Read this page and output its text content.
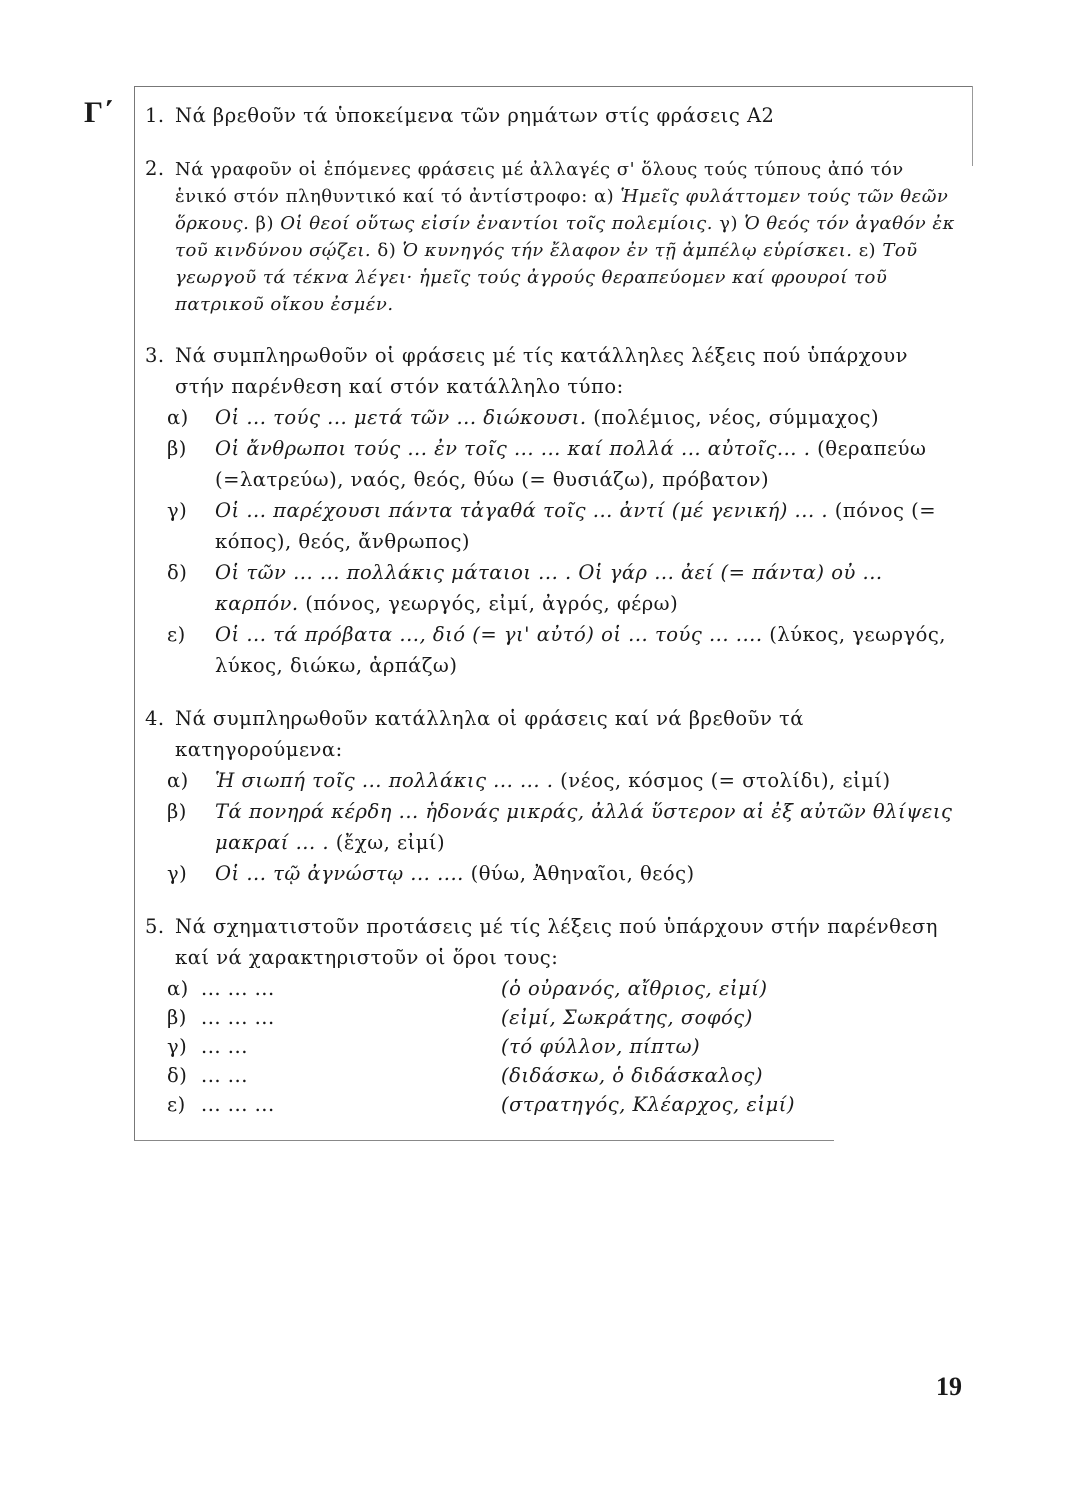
Γ΄ 1. Νά βρεθοῦν τά ὑποκείμενα τῶν ρημάτων στίς φράσεις Α2
2. Νά γραφοῦν οἱ ἑπόμενες φράσεις μέ ἀλλαγές σ' ὅλους τούς τύπους ἀπό τόν ἑνικό στόν πληθυντικό καί τό ἀντίστροφο: α) Ἡμεῖς φυλάττομεν τούς τῶν θεῶν ὅρκους. β) Οἱ θεοί οὕτως εἰσίν ἐναντίοι τοῖς πολεμίοις. γ) Ὁ θεός τόν ἀγαθόν ἐκ τοῦ κινδύνου σῴζει. δ) Ὁ κυνηγός τήν ἔλαφον ἐν τῇ ἀμπέλῳ εὑρίσκει. ε) Τοῦ γεωργοῦ τά τέκνα λέγει· ἡμεῖς τούς ἀγρούς θεραπεύομεν καί φρουροί τοῦ πατρικοῦ οἴκου ἐσμέν.
3. Νά συμπληρωθοῦν οἱ φράσεις μέ τίς κατάλληλες λέξεις πού ὑπάρχουν στήν παρένθεση καί στόν κατάλληλο τύπο:
α)	Οἱ ... τούς ... μετά τῶν ... διώκουσι. (πολέμιος, νέος, σύμμαχος)
β)	Οἱ ἄνθρωποι τούς ... ἐν τοῖς ... ... καί πολλά ... αὐτοῖς... . (θεραπεύω (=λατρεύω), ναός, θεός, θύω (= θυσιάζω), πρόβατον)
γ)	Οἱ ... παρέχουσι πάντα τἀγαθά τοῖς ... ἀντί (μέ γενική) ... . (πόνος (= κόπος), θεός, ἄνθρωπος)
δ)	Οἱ τῶν ... ... πολλάκις μάταιοι ... . Οἱ γάρ ... ἀεί (= πάντα) οὐ ... καρπόν. (πόνος, γεωργός, εἰμί, ἀγρός, φέρω)
ε)	Οἱ ... τά πρόβατα ..., διό (= γι' αὐτό) οἱ ... τούς ... .... (λύκος, γεωργός, λύκος, διώκω, ἁρπάζω)
4. Νά συμπληρωθοῦν κατάλληλα οἱ φράσεις καί νά βρεθοῦν τά κατηγορούμενα:
α)	Ἡ σιωπή τοῖς ... πολλάκις ... ... . (νέος, κόσμος (= στολίδι), εἰμί)
β)	Τά πονηρά κέρδη ... ἡδονάς μικράς, ἀλλά ὕστερον αἱ ἐξ αὐτῶν θλίψεις μακραί ... . (ἔχω, εἰμί)
γ)	Οἱ ... τῷ ἀγνώστῳ ... .... (θύω, Ἀθηναῖοι, θεός)
5. Νά σχηματιστοῦν προτάσεις μέ τίς λέξεις πού ὑπάρχουν στήν παρένθεση καί νά χαρακτηριστοῦν οἱ ὅροι τους:
α) ... ... ...	(ὁ οὐρανός, αἴθριος, εἰμί)
β) ... ... ...	(εἰμί, Σωκράτης, σοφός)
γ) ... ...	(τό φύλλον, πίπτω)
δ) ... ...	(διδάσκω, ὁ διδάσκαλος)
ε) ... ... ...	(στρατηγός, Κλέαρχος, εἰμί)
19
